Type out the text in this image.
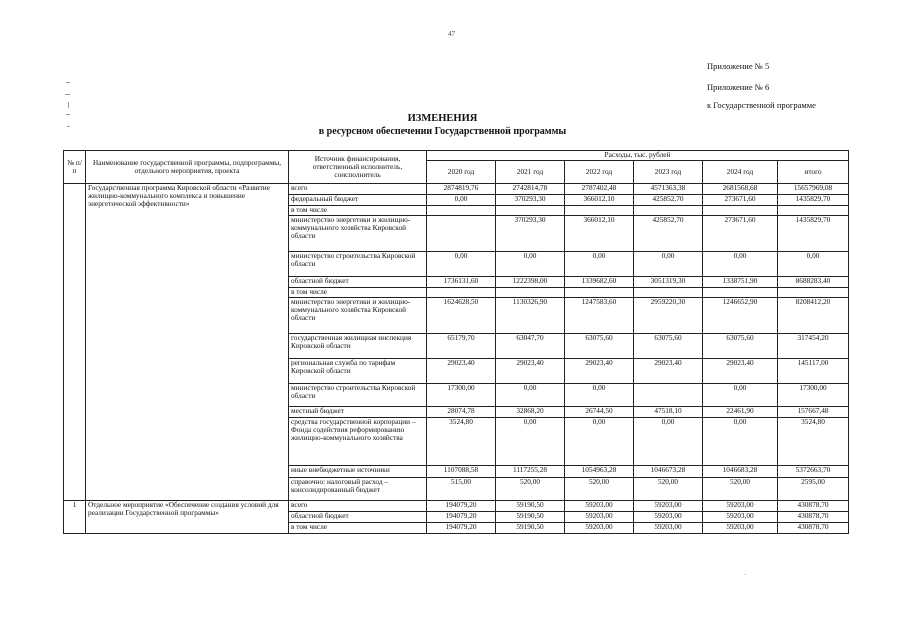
47
Приложение № 5
Приложение № 6
к Государственной программе
ИЗМЕНЕНИЯ
в ресурсном обеспечении Государственной программы
№ п/п	Наименование государственной программы, подпрограммы, отдельного мероприятия, проекта	Источник финансирования, ответственный исполнитель, соисполнитель	Расходы, тыс. рублей					
			2020 год	2021 год	2022 год	2023 год	2024 год	итого
	Государственная программа Кировской области «Развитие жилищно-коммунального комплекса и повышение энергетической эффективности»	всего	2874819,76	2742814,78	2787402,48	4571363,38	2681568,68	15657969,08
		федеральный бюджет	0,00	370293,30	366012,10	425852,70	273671,60	1435829,70
		в том числе						
		министерство энергетики и жилищно-коммунального хозяйства Кировской области		370293,30	366012,10	425852,70	273671,60	1435829,70
		министерство строительства Кировской области	0,00	0,00	0,00	0,00	0,00	0,00
		областной бюджет	1736131,60	1222398,00	1339682,60	3051319,30	1338751,90	8688283,40
		в том числе						
		министерство энергетики и жилищно-коммунального хозяйства Кировской области	1624628,50	1130326,90	1247583,60	2959220,30	1246652,90	8208412,20
		государственная жилищная инспекция Кировской области	65179,70	63047,70	63075,60	63075,60	63075,60	317454,20
		региональная служба по тарифам Кировской области	29023,40	29023,40	29023,40	29023,40	29023,40	145117,00
		министерство строительства Кировской области	17300,00	0,00	0,00		0,00	17300,00
		местный бюджет	28074,78	32868,20	26744,50	47518,10	22461,90	157667,48
		средства государственной корпорации – Фонда содействия реформированию жилищно-коммунального хозяйства	3524,80	0,00	0,00	0,00	0,00	3524,80
		иные внебюджетные источники	1107088,58	1117255,28	1054963,28	1046673,28	1046683,28	5372663,70
		справочно: налоговый расход – консолидированный бюджет	515,00	520,00	520,00	520,00	520,00	2595,00
1	Отдельное мероприятие «Обеспечение создания условий для реализации Государственной программы»	всего	194079,20	59190,50	59203,00	59203,00	59203,00	430878,70
		областной бюджет	194079,20	59190,50	59203,00	59203,00	59203,00	430878,70
		в том числе	194079,20	59190,50	59203,00	59203,00	59203,00	430878,70
·
